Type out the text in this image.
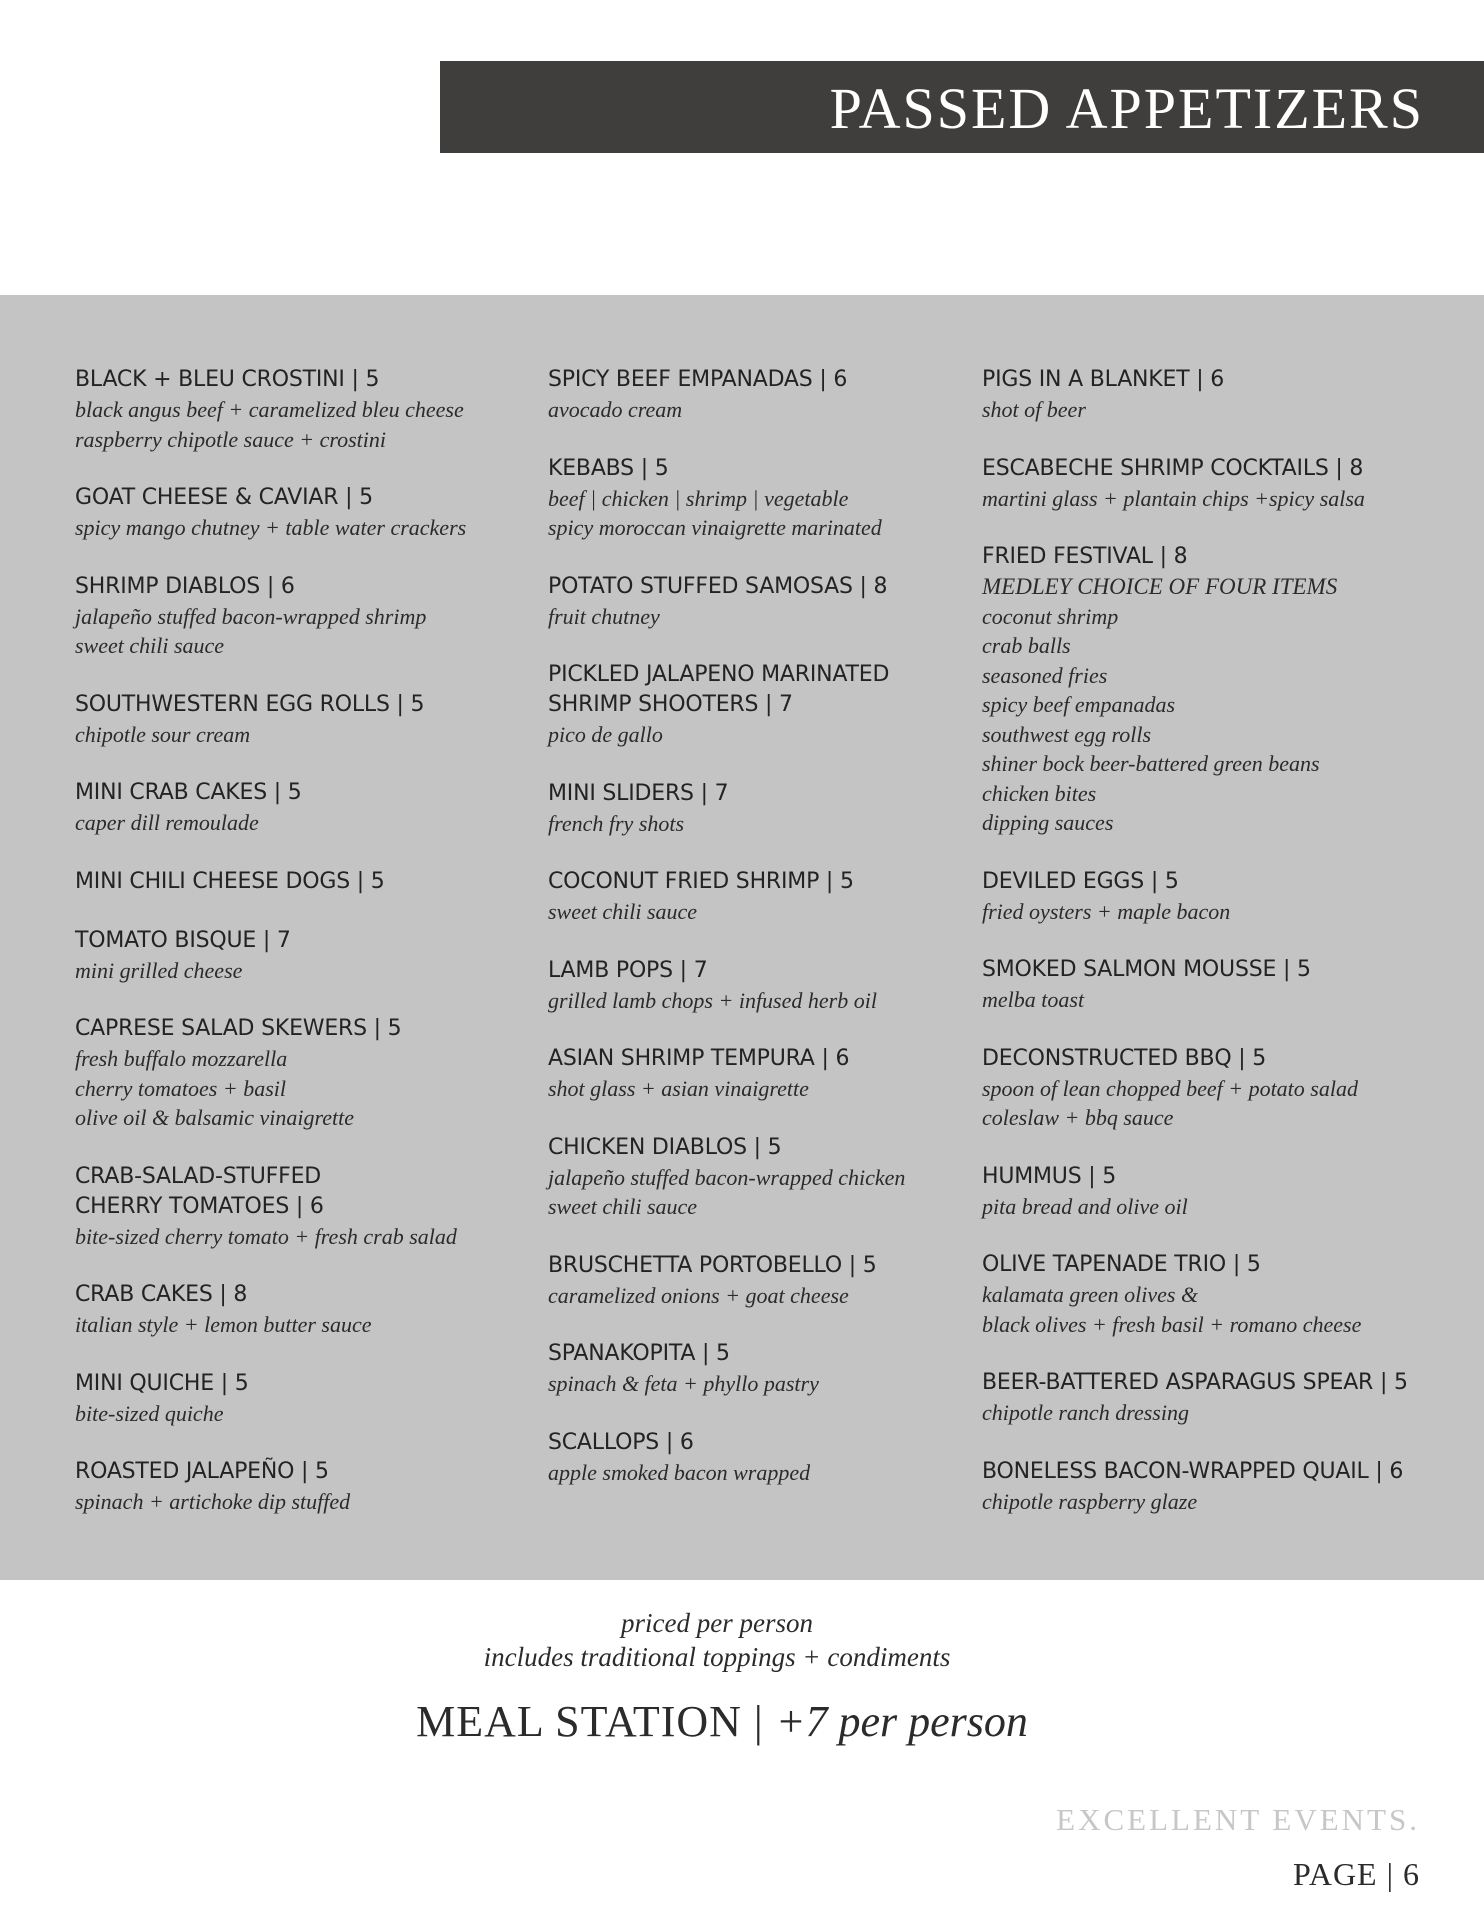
PASSED APPETIZERS
BLACK + BLEU CROSTINI | 5
black angus beef + caramelized bleu cheese
raspberry chipotle sauce + crostini
GOAT CHEESE & CAVIAR | 5
spicy mango chutney + table water crackers
SHRIMP DIABLOS | 6
jalapeño stuffed bacon-wrapped shrimp
sweet chili sauce
SOUTHWESTERN EGG ROLLS | 5
chipotle sour cream
MINI CRAB CAKES | 5
caper dill remoulade
MINI CHILI CHEESE DOGS | 5
TOMATO BISQUE | 7
mini grilled cheese
CAPRESE SALAD SKEWERS | 5
fresh buffalo mozzarella
cherry tomatoes + basil
olive oil & balsamic vinaigrette
CRAB-SALAD-STUFFED
CHERRY TOMATOES | 6
bite-sized cherry tomato + fresh crab salad
CRAB CAKES | 8
italian style + lemon butter sauce
MINI QUICHE | 5
bite-sized quiche
ROASTED JALAPEÑO | 5
spinach + artichoke dip stuffed
SPICY BEEF EMPANADAS | 6
avocado cream
KEBABS | 5
beef | chicken | shrimp | vegetable
spicy moroccan vinaigrette marinated
POTATO STUFFED SAMOSAS | 8
fruit chutney
PICKLED JALAPENO MARINATED
SHRIMP SHOOTERS | 7
pico de gallo
MINI SLIDERS | 7
french fry shots
COCONUT FRIED SHRIMP | 5
sweet chili sauce
LAMB POPS | 7
grilled lamb chops + infused herb oil
ASIAN SHRIMP TEMPURA | 6
shot glass + asian vinaigrette
CHICKEN DIABLOS | 5
jalapeño stuffed bacon-wrapped chicken
sweet chili sauce
BRUSCHETTA PORTOBELLO | 5
caramelized onions + goat cheese
SPANAKOPITA | 5
spinach & feta + phyllo pastry
SCALLOPS | 6
apple smoked bacon wrapped
PIGS IN A BLANKET | 6
shot of beer
ESCABECHE SHRIMP COCKTAILS | 8
martini glass + plantain chips +spicy salsa
FRIED FESTIVAL | 8
MEDLEY CHOICE OF FOUR ITEMS
coconut shrimp
crab balls
seasoned fries
spicy beef empanadas
southwest egg rolls
shiner bock beer-battered green beans
chicken bites
dipping sauces
DEVILED EGGS | 5
fried oysters + maple bacon
SMOKED SALMON MOUSSE | 5
melba toast
DECONSTRUCTED BBQ | 5
spoon of lean chopped beef + potato salad
coleslaw + bbq sauce
HUMMUS | 5
pita bread and olive oil
OLIVE TAPENADE TRIO | 5
kalamata green olives &
black olives + fresh basil + romano cheese
BEER-BATTERED ASPARAGUS SPEAR | 5
chipotle ranch dressing
BONELESS BACON-WRAPPED QUAIL | 6
chipotle raspberry glaze
priced per person
includes traditional toppings + condiments
MEAL STATION | +7 per person
EXCELLENT EVENTS.
PAGE | 6
